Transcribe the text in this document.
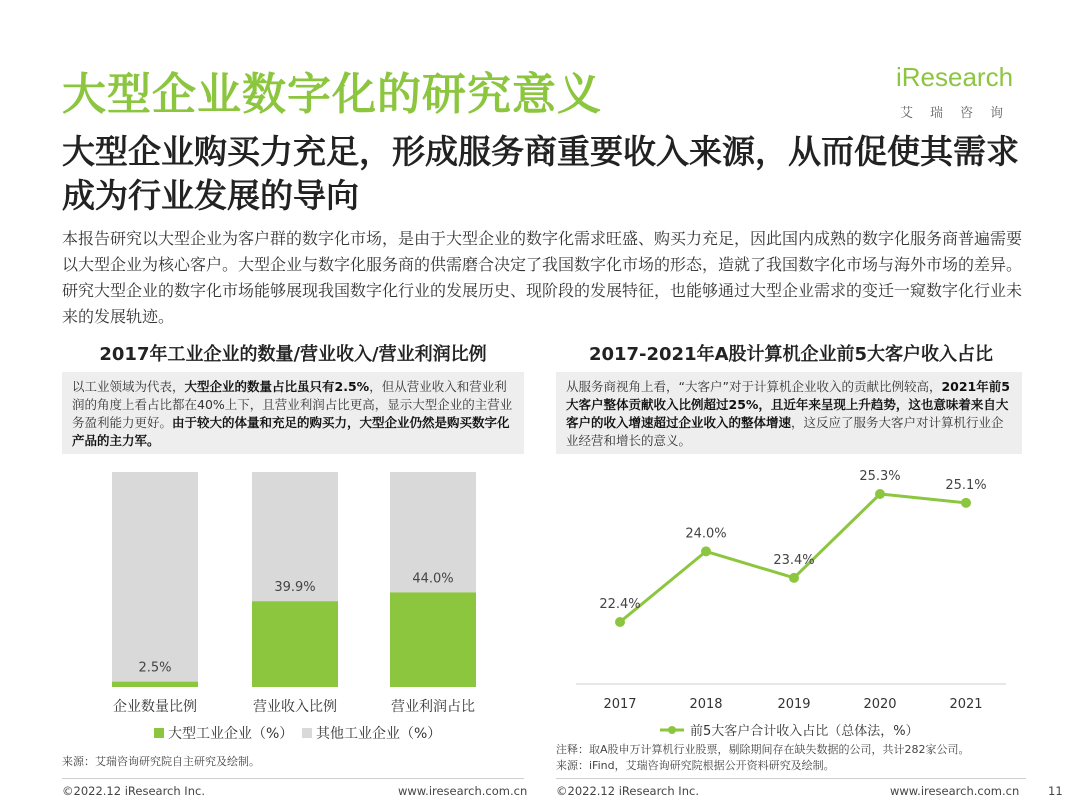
大型企业数字化的研究意义	iResearch
艾瑞咨询
大型企业购买力充足，形成服务商重要收入来源，从而促使其需求成为行业发展的导向
本报告研究以大型企业为客户群的数字化市场，是由于大型企业的数字化需求旺盛、购买力充足，因此国内成熟的数字化服务商普遍需要以大型企业为核心客户。大型企业与数字化服务商的供需磨合决定了我国数字化市场的形态，造就了我国数字化市场与海外市场的差异。研究大型企业的数字化市场能够展现我国数字化行业的发展历史、现阶段的发展特征，也能够通过大型企业需求的变迁一窥数字化行业未来的发展轨迹。
2017年工业企业的数量/营业收入/营业利润比例
以工业领域为代表，大型企业的数量占比虽只有2.5%，但从营业收入和营业利润的角度上看占比都在40%上下，且营业利润占比更高，显示大型企业的主营业务盈利能力更好。由于较大的体量和充足的购买力，大型企业仍然是购买数字化产品的主力军。
2.5%
企业数量比例
39.9%
营业收入比例
44.0%
营业利润占比
大型工业企业（%） 其他工业企业（%）
来源：艾瑞咨询研究院自主研究及绘制。
2017-2021年A股计算机企业前5大客户收入占比
从服务商视角上看，“大客户”对于计算机企业收入的贡献比例较高，2021年前5大客户整体贡献收入比例超过25%，且近年来呈现上升趋势，这也意味着来自大客户的收入增速超过企业收入的整体增速，这反应了服务大客户对计算机行业企业经营和增长的意义。
22.4%
2017
24.0%
2018
23.4%
2019
25.3%
2020
25.1%
2021
前5大客户合计收入占比（总体法，%）
注释：取A股申万计算机行业股票，剔除期间存在缺失数据的公司，共计282家公司。
来源：iFind，艾瑞咨询研究院根据公开资料研究及绘制。
©2022.12 iResearch Inc.	www.iresearch.com.cn	©2022.12 iResearch Inc.	www.iresearch.com.cn	11
